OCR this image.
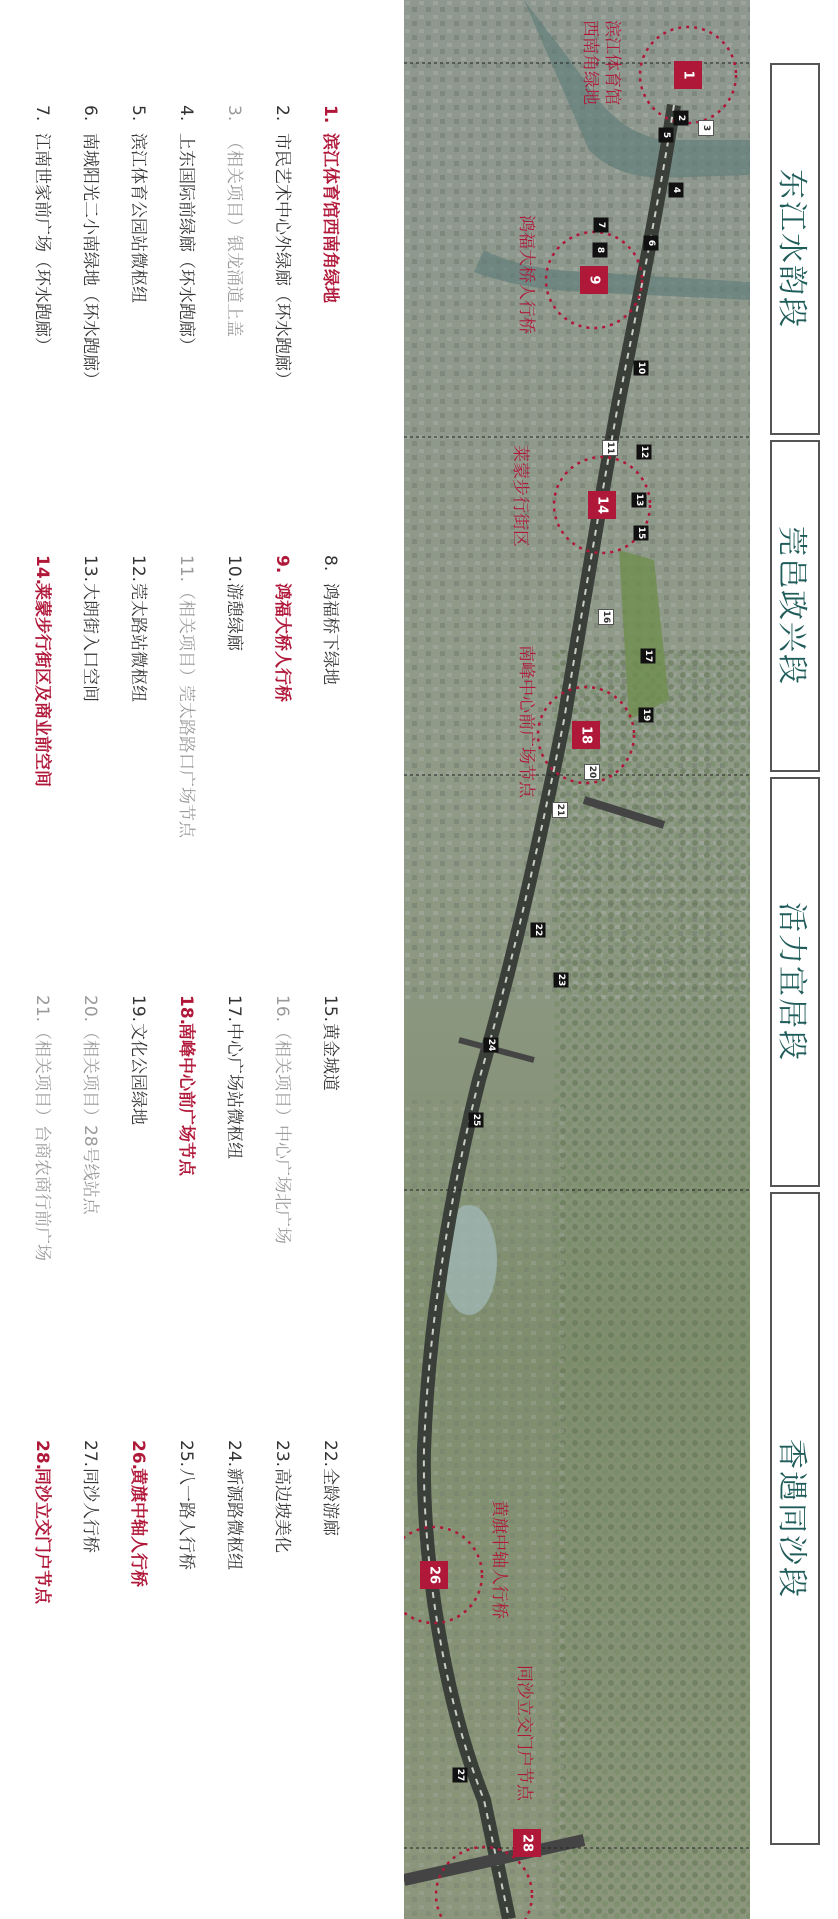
1
9
14
18
26
28
2
3
4
5
6
7
8
10
11	12
13
15
16
17
19
20
21
22
23
24
25
27
滨江体育馆
西南角绿地
鸿福大桥人行桥
莱蒙步行街区
南峰中心前广场节点
黄旗中轴人行桥
同沙立交门户节点
东江水韵段
莞邑政兴段
活力宜居段
香遇同沙段
1.滨江体育馆西南角绿地
2.市民艺术中心外绿廊（环水跑廊）
3.（相关项目）银龙涌道上盖
4.上东国际前绿廊（环水跑廊）
5.滨江体育公园站微枢纽
6.南城阳光二小南绿地（环水跑廊）
7.江南世家前广场（环水跑廊）
8.鸿福桥下绿地
9.鸿福大桥人行桥
10.游憩绿廊
11.（相关项目）莞太路路口广场节点
12.莞太路站微枢纽
13.大朗街入口空间
14.莱蒙步行街区及商业前空间
15.黄金城道
16.（相关项目）中心广场北广场
17.中心广场站微枢纽
18.南峰中心前广场节点
19.文化公园绿地
20.（相关项目）28号线站点
21.（相关项目）台商农商行前广场
22.全龄游廊
23.高边坡美化
24.新源路微枢纽
25.八一路人行桥
26.黄旗中轴人行桥
27.同沙人行桥
28.同沙立交门户节点
